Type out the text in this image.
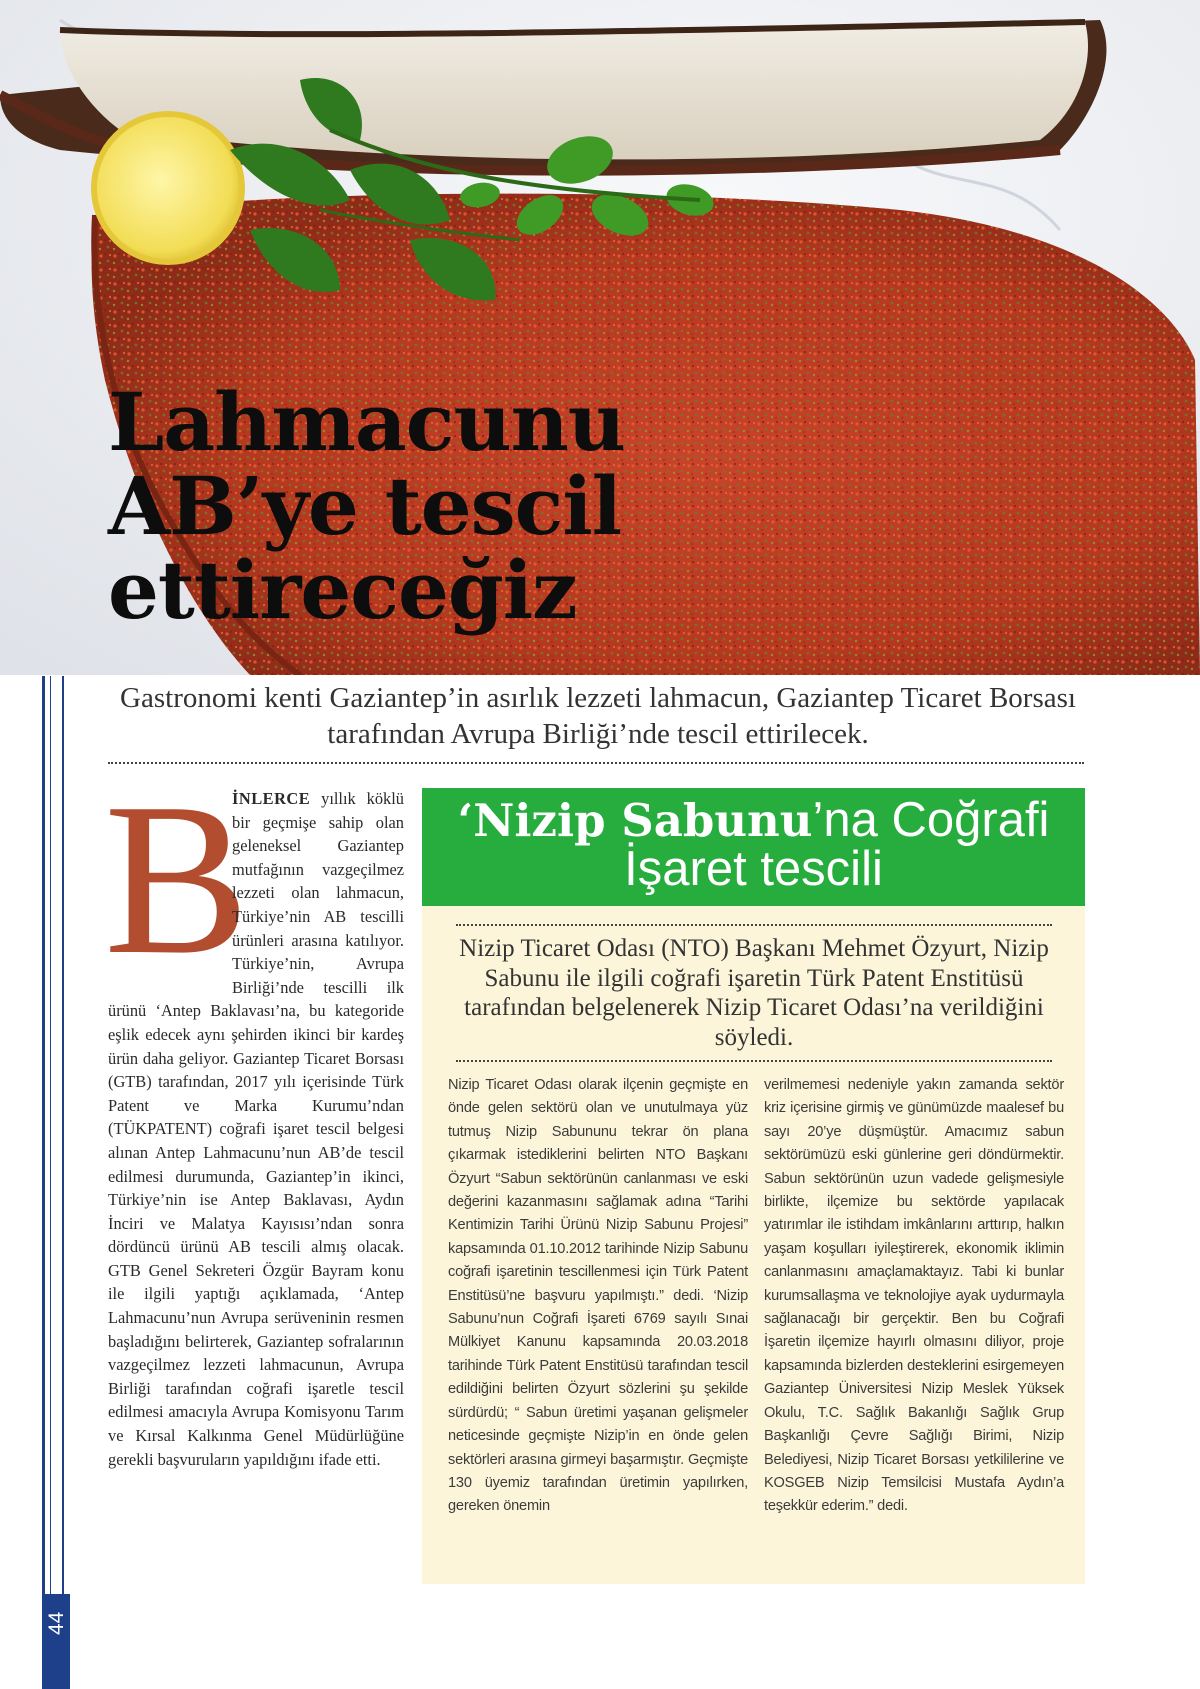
Lahmacunu
AB’ye tescil
ettireceğiz
44

Gastronomi kenti Gaziantep’in asırlık lezzeti lahmacun, Gaziantep Ticaret Borsası tarafından Avrupa Birliği’nde tescil ettirilecek.

B

İNLERCE yıllık köklü bir geçmişe sahip olan geleneksel Gaziantep mutfağının vazgeçilmez lezzeti olan lahmacun, Türkiye’nin AB tescilli ürünleri arasına katılıyor. Türkiye’nin, Avrupa Birliği’nde tescilli ilk ürünü ‘Antep Baklavası’na, bu kategoride eşlik edecek aynı şehirden ikinci bir kardeş ürün daha geliyor. Gaziantep Ticaret Borsası (GTB) tarafından, 2017 yılı içerisinde Türk Patent ve Marka Kurumu’ndan (TÜKPATENT) coğrafi işaret tescil belgesi alınan Antep Lahmacunu’nun AB’de tescil edilmesi durumunda, Gaziantep’in ikinci, Türkiye’nin ise Antep Baklavası, Aydın İnciri ve Malatya Kayısısı’ndan sonra dördüncü ürünü AB tescili almış olacak. GTB Genel Sekreteri Özgür Bayram konu ile ilgili yaptığı açıklamada, ‘Antep Lahmacunu’nun Avrupa serüveninin resmen başladığını belirterek, Gaziantep sofralarının vazgeçilmez lezzeti lahmacunun, Avrupa Birliği tarafından coğrafi işaretle tescil edilmesi amacıyla Avrupa Komisyonu Tarım ve Kırsal Kalkınma Genel Müdürlüğüne gerekli başvuruların yapıldığını ifade etti.

‘Nizip Sabunu’na Coğrafi
İşaret tescili

Nizip Ticaret Odası (NTO) Başkanı Mehmet Özyurt, Nizip Sabunu ile ilgili coğrafi işaretin Türk Patent Enstitüsü tarafından belgelenerek Nizip Ticaret Odası’na verildiğini söyledi.

Nizip Ticaret Odası olarak ilçenin geçmişte en önde gelen sektörü olan ve unutulmaya yüz tutmuş Nizip Sabununu tekrar ön plana çıkarmak istediklerini belirten NTO Başkanı Özyurt “Sabun sektörünün canlanması ve eski değerini kazanmasını sağlamak adına “Tarihi Kentimizin Tarihi Ürünü Nizip Sabunu Projesi” kapsamında 01.10.2012 tarihinde Nizip Sabunu coğrafi işaretinin tescillenmesi için Türk Patent Enstitüsü’ne başvuru yapılmıştı.” dedi. ‘Nizip Sabunu’nun Coğrafi İşareti 6769 sayılı Sınai Mülkiyet Kanunu kapsamında 20.03.2018 tarihinde Türk Patent Enstitüsü tarafından tescil edildiğini belirten Özyurt sözlerini şu şekilde sürdürdü; “ Sabun üretimi yaşanan gelişmeler neticesinde geçmişte Nizip’in en önde gelen sektörleri arasına girmeyi başarmıştır. Geçmişte 130 üyemiz tarafından üretimin yapılırken, gereken önemin

verilmemesi nedeniyle yakın zamanda sektör kriz içerisine girmiş ve günümüzde maalesef bu sayı 20’ye düşmüştür. Amacımız sabun sektörümüzü eski günlerine geri döndürmektir. Sabun sektörünün uzun vadede gelişmesiyle birlikte, ilçemize bu sektörde yapılacak yatırımlar ile istihdam imkânlarını arttırıp, halkın yaşam koşulları iyileştirerek, ekonomik iklimin canlanmasını amaçlamaktayız. Tabi ki bunlar kurumsallaşma ve teknolojiye ayak uydurmayla sağlanacağı bir gerçektir. Ben bu Coğrafi İşaretin ilçemize hayırlı olmasını diliyor, proje kapsamında bizlerden desteklerini esirgemeyen Gaziantep Üniversitesi Nizip Meslek Yüksek Okulu, T.C. Sağlık Bakanlığı Sağlık Grup Başkanlığı Çevre Sağlığı Birimi, Nizip Belediyesi, Nizip Ticaret Borsası yetkililerine ve KOSGEB Nizip Temsilcisi Mustafa Aydın’a teşekkür ederim.” dedi.
